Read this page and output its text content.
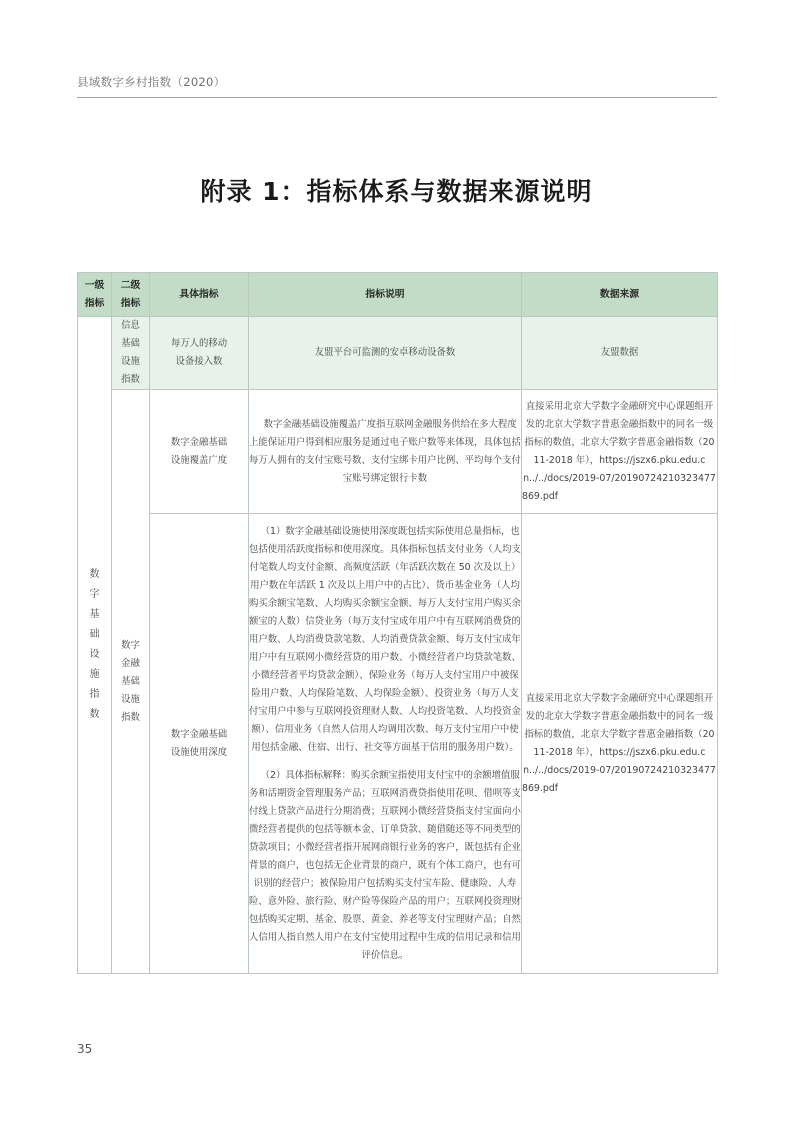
县域数字乡村指数（2020）
附录 1：指标体系与数据来源说明
一级指标	二级指标	具体指标	指标说明	数据来源

数字基础设施指数	信息基础设施指数	每万人的移动设备接入数	友盟平台可监测的安卓移动设备数	友盟数据

	数字金融基础设施指数	数字金融基础设施覆盖广度	数字金融基础设施覆盖广度指互联网金融服务供给在多大程度上能保证用户得到相应服务是通过电子账户数等来体现，具体包括每万人拥有的支付宝账号数、支付宝绑卡用户比例、平均每个支付宝账号绑定银行卡数	直接采用北京大学数字金融研究中心课题组开发的北京大学数字普惠金融指数中的同名一级指标的数值，北京大学数字普惠金融指数（2011-2018 年），https://jszx6.pku.edu.cn../../docs/2019-07/20190724210323477869.pdf

		数字金融基础设施使用深度	（1）数字金融基础设施使用深度既包括实际使用总量指标，也包括使用活跃度指标和使用深度。具体指标包括支付业务（人均支付笔数人均支付金额、高频度活跃（年活跃次数在 50 次及以上）用户数在年活跃 1 次及以上用户中的占比）、货币基金业务（人均购买余额宝笔数、人均购买余额宝金额、每万人支付宝用户购买余额宝的人数）信贷业务（每万支付宝成年用户中有互联网消费贷的用户数、人均消费贷款笔数、人均消费贷款金额、每万支付宝成年用户中有互联网小微经营贷的用户数、小微经营者户均贷款笔数、小微经营者平均贷款金额）、保险业务（每万人支付宝用户中被保险用户数、人均保险笔数、人均保险金额）、投资业务（每万人支付宝用户中参与互联网投资理财人数、人均投资笔数、人均投资金额）、信用业务（自然人信用人均调用次数、每万支付宝用户中使用包括金融、住宿、出行、社交等方面基于信用的服务用户数）。

（2）具体指标解释：购买余额宝指使用支付宝中的余额增值服务和活期资金管理服务产品；互联网消费贷指使用花呗、借呗等支付线上贷款产品进行分期消费；互联网小微经营贷指支付宝面向小微经营者提供的包括等额本金、订单贷款、随借随还等不同类型的贷款项目；小微经营者指开展网商银行业务的客户，既包括有企业背景的商户，也包括无企业背景的商户，既有个体工商户，也有可识别的经营户；被保险用户包括购买支付宝车险、健康险、人寿险、意外险、旅行险、财产险等保险产品的用户；互联网投资理财包括购买定期、基金、股票、黄金、养老等支付宝理财产品；自然人信用人指自然人用户在支付宝使用过程中生成的信用记录和信用评价信息。	直接采用北京大学数字金融研究中心课题组开发的北京大学数字普惠金融指数中的同名一级指标的数值，北京大学数字普惠金融指数（2011-2018 年），https://jszx6.pku.edu.cn../../docs/2019-07/20190724210323477869.pdf
35
